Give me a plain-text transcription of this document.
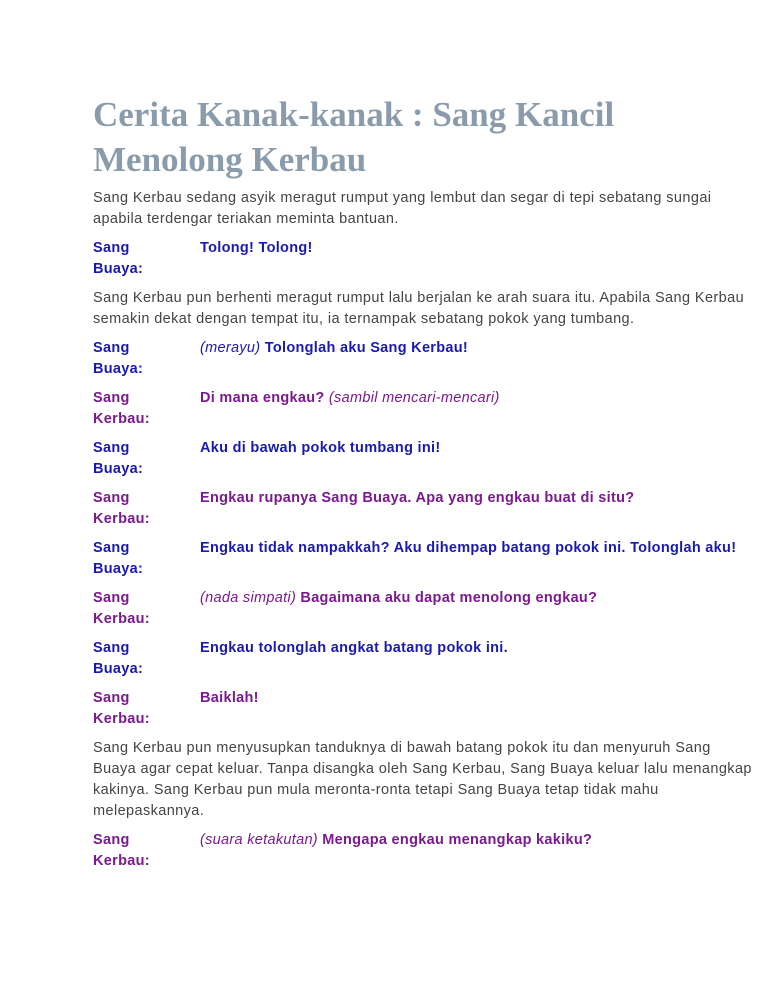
Cerita Kanak-kanak : Sang Kancil
Menolong Kerbau

Sang Kerbau sedang asyik meragut rumput yang lembut dan segar di tepi sebatang sungai apabila terdengar teriakan meminta bantuan.

Sang
Buaya:
Tolong! Tolong!

Sang Kerbau pun berhenti meragut rumput lalu berjalan ke arah suara itu. Apabila Sang Kerbau semakin dekat dengan tempat itu, ia ternampak sebatang pokok yang tumbang.

Sang
Buaya:
(merayu) Tolonglah aku Sang Kerbau!
Sang
Kerbau:
Di mana engkau? (sambil mencari-mencari)
Sang
Buaya:
Aku di bawah pokok tumbang ini!
Sang
Kerbau:
Engkau rupanya Sang Buaya. Apa yang engkau buat di situ?
Sang
Buaya:
Engkau tidak nampakkah? Aku dihempap batang pokok ini. Tolonglah aku!
Sang
Kerbau:
(nada simpati) Bagaimana aku dapat menolong engkau?
Sang
Buaya:
Engkau tolonglah angkat batang pokok ini.
Sang
Kerbau:
Baiklah!

Sang Kerbau pun menyusupkan tanduknya di bawah batang pokok itu dan menyuruh Sang Buaya agar cepat keluar. Tanpa disangka oleh Sang Kerbau, Sang Buaya keluar lalu menangkap kakinya. Sang Kerbau pun mula meronta-ronta tetapi Sang Buaya tetap tidak mahu melepaskannya.

Sang
Kerbau:
(suara ketakutan) Mengapa engkau menangkap kakiku?
